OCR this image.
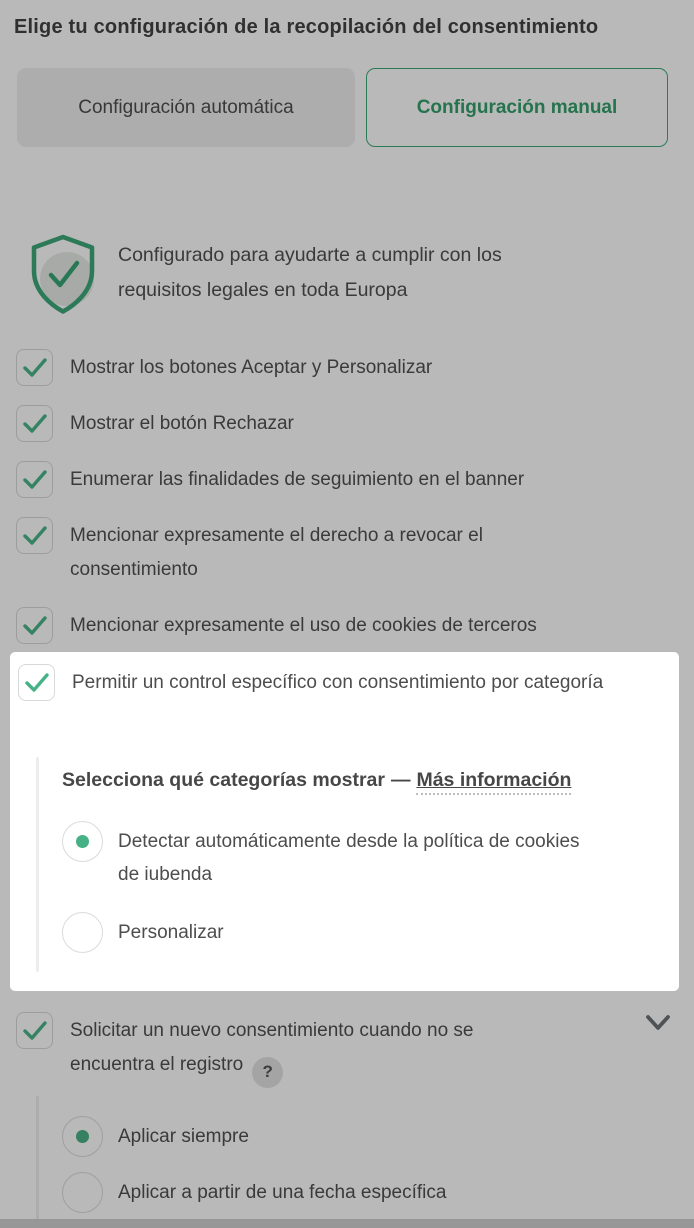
Elige tu configuración de la recopilación del consentimiento
Configuración automática	Configuración manual
Configurado para ayudarte a cumplir con los requisitos legales en toda Europa
Mostrar los botones Aceptar y Personalizar
Mostrar el botón Rechazar
Enumerar las finalidades de seguimiento en el banner
Mencionar expresamente el derecho a revocar el consentimiento
Mencionar expresamente el uso de cookies de terceros
Permitir un control específico con consentimiento por categoría
Selecciona qué categorías mostrar — Más información
Detectar automáticamente desde la política de cookies de iubenda
Personalizar
Solicitar un nuevo consentimiento cuando no se encuentra el registro ?
Aplicar siempre
Aplicar a partir de una fecha específica
